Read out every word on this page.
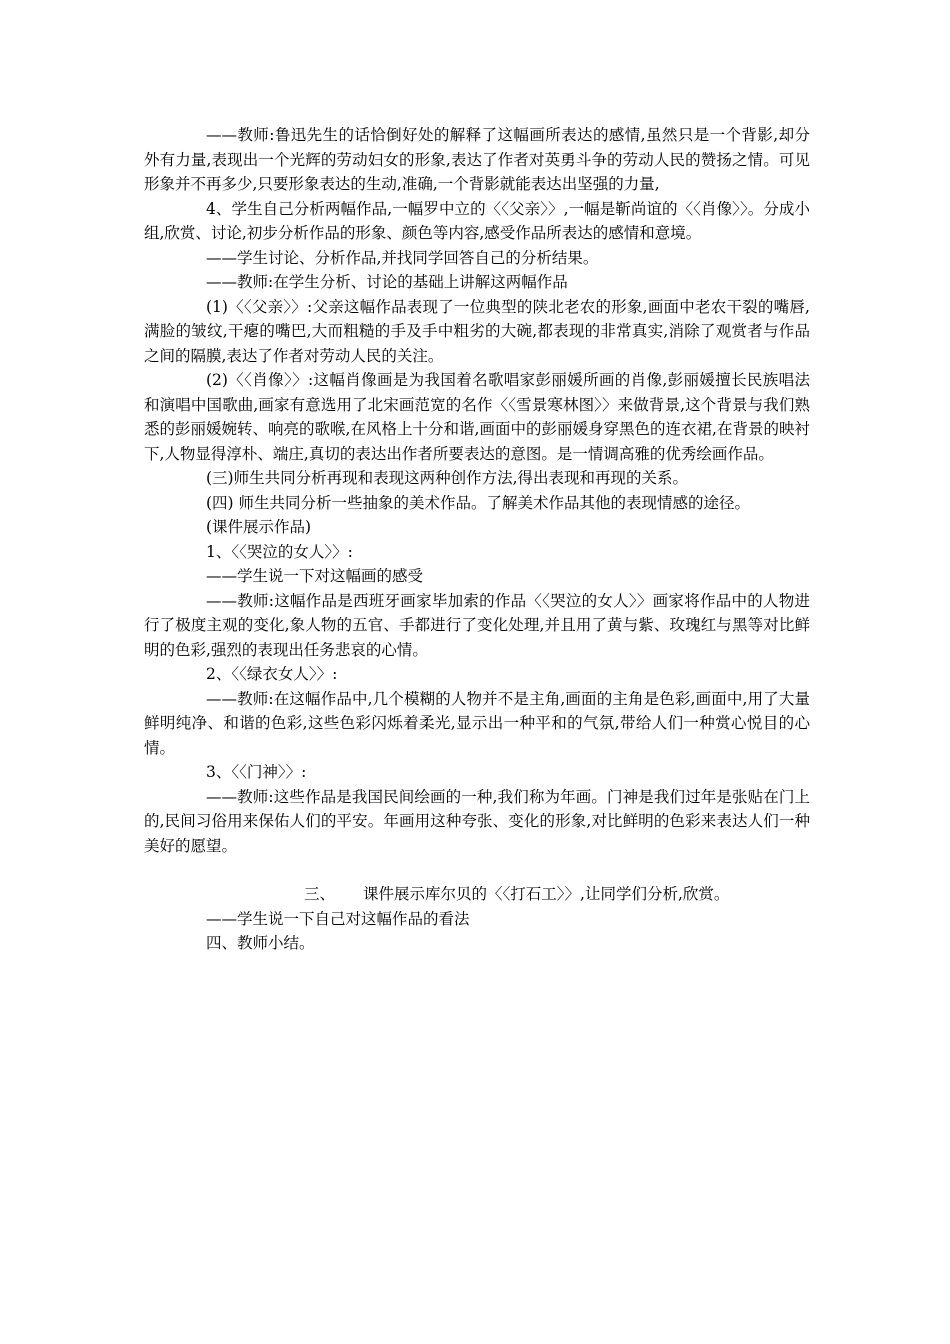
——教师:鲁迅先生的话恰倒好处的解释了这幅画所表达的感情,虽然只是一个背影,却分外有力量,表现出一个光辉的劳动妇女的形象,表达了作者对英勇斗争的劳动人民的赞扬之情。可见形象并不再多少,只要形象表达的生动,准确,一个背影就能表达出坚强的力量,

4、学生自己分析两幅作品,一幅罗中立的〈〈父亲〉〉,一幅是靳尚谊的〈〈肖像〉〉。分成小组,欣赏、讨论,初步分析作品的形象、颜色等内容,感受作品所表达的感情和意境。

——学生讨论、分析作品,并找同学回答自己的分析结果。

——教师:在学生分析、讨论的基础上讲解这两幅作品

(1)〈〈父亲〉〉:父亲这幅作品表现了一位典型的陕北老农的形象,画面中老农干裂的嘴唇,满脸的皱纹,干瘪的嘴巴,大而粗糙的手及手中粗劣的大碗,都表现的非常真实,消除了观赏者与作品之间的隔膜,表达了作者对劳动人民的关注。

(2)〈〈肖像〉〉:这幅肖像画是为我国着名歌唱家彭丽媛所画的肖像,彭丽媛擅长民族唱法和演唱中国歌曲,画家有意选用了北宋画范宽的名作〈〈雪景寒林图〉〉来做背景,这个背景与我们熟悉的彭丽媛婉转、响亮的歌喉,在风格上十分和谐,画面中的彭丽媛身穿黑色的连衣裙,在背景的映衬下,人物显得淳朴、端庄,真切的表达出作者所要表达的意图。是一情调高雅的优秀绘画作品。

(三)师生共同分析再现和表现这两种创作方法,得出表现和再现的关系。

(四) 师生共同分析一些抽象的美术作品。了解美术作品其他的表现情感的途径。

(课件展示作品)

1、〈〈哭泣的女人〉〉:

——学生说一下对这幅画的感受

——教师:这幅作品是西班牙画家毕加索的作品〈〈哭泣的女人〉〉画家将作品中的人物进行了极度主观的变化,象人物的五官、手都进行了变化处理,并且用了黄与紫、玫瑰红与黑等对比鲜明的色彩,强烈的表现出任务悲哀的心情。

2、〈〈绿衣女人〉〉:

——教师:在这幅作品中,几个模糊的人物并不是主角,画面的主角是色彩,画面中,用了大量鲜明纯净、和谐的色彩,这些色彩闪烁着柔光,显示出一种平和的气氛,带给人们一种赏心悦目的心情。

3、〈〈门神〉〉:

——教师:这些作品是我国民间绘画的一种,我们称为年画。门神是我们过年是张贴在门上的,民间习俗用来保佑人们的平安。年画用这种夸张、变化的形象,对比鲜明的色彩来表达人们一种美好的愿望。

三、 课件展示库尔贝的〈〈打石工〉〉,让同学们分析,欣赏。

——学生说一下自己对这幅作品的看法

四、教师小结。
